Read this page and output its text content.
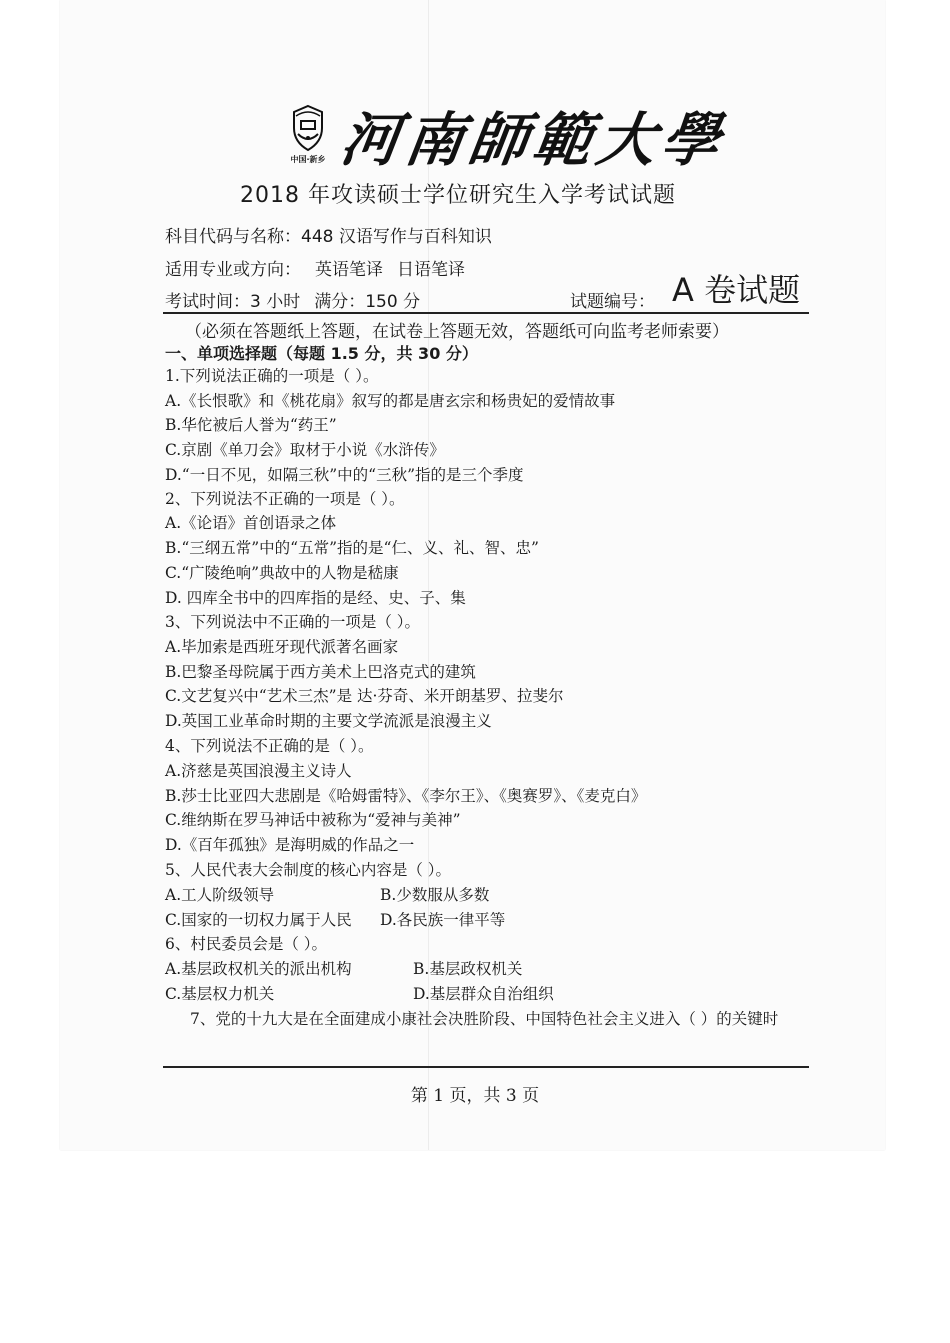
中国·新乡 河南師範大學
2018 年攻读硕士学位研究生入学考试试题
科目代码与名称：448 汉语写作与百科知识
适用专业或方向： 英语笔译 日语笔译
考试时间：3 小时 满分：150 分	试题编号： A 卷试题
（必须在答题纸上答题，在试卷上答题无效，答题纸可向监考老师索要）
一、单项选择题（每题 1.5 分，共 30 分）
1.下列说法正确的一项是（ ）。
A.《长恨歌》和《桃花扇》叙写的都是唐玄宗和杨贵妃的爱情故事
B.华佗被后人誉为“药王”
C.京剧《单刀会》取材于小说《水浒传》
D.“一日不见，如隔三秋”中的“三秋”指的是三个季度
2、下列说法不正确的一项是（ ）。
A.《论语》首创语录之体
B.“三纲五常”中的“五常”指的是“仁、义、礼、智、忠”
C.“广陵绝响”典故中的人物是嵇康
D. 四库全书中的四库指的是经、史、子、集
3、下列说法中不正确的一项是（ ）。
A.毕加索是西班牙现代派著名画家
B.巴黎圣母院属于西方美术上巴洛克式的建筑
C.文艺复兴中“艺术三杰”是 达·芬奇、米开朗基罗、拉斐尔
D.英国工业革命时期的主要文学流派是浪漫主义
4、下列说法不正确的是（ ）。
A.济慈是英国浪漫主义诗人
B.莎士比亚四大悲剧是《哈姆雷特》、《李尔王》、《奥赛罗》、《麦克白》
C.维纳斯在罗马神话中被称为“爱神与美神”
D.《百年孤独》是海明威的作品之一
5、人民代表大会制度的核心内容是（ ）。
A.工人阶级领导	B.少数服从多数
C.国家的一切权力属于人民 D.各民族一律平等
6、村民委员会是（ ）。
A.基层政权机关的派出机构	B.基层政权机关
C.基层权力机关	D.基层群众自治组织
7、党的十九大是在全面建成小康社会决胜阶段、中国特色社会主义进入（ ）的关键时
第 1 页，共 3 页
